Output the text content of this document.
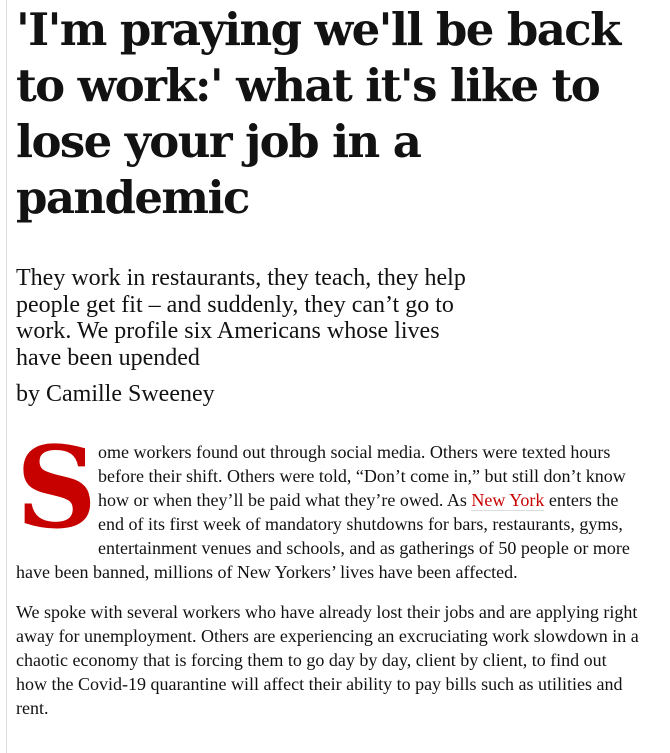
'I'm praying we'll be back to work:' what it's like to lose your job in a pandemic
They work in restaurants, they teach, they help people get fit – and suddenly, they can’t go to work. We profile six Americans whose lives have been upended
by Camille Sweeney

Some workers found out through social media. Others were texted hours before their shift. Others were told, “Don’t come in,” but still don’t know how or when they’ll be paid what they’re owed. As New York enters the end of its first week of mandatory shutdowns for bars, restaurants, gyms, entertainment venues and schools, and as gatherings of 50 people or more have been banned, millions of New Yorkers’ lives have been affected.

We spoke with several workers who have already lost their jobs and are applying right away for unemployment. Others are experiencing an excruciating work slowdown in a chaotic economy that is forcing them to go day by day, client by client, to find out how the Covid-19 quarantine will affect their ability to pay bills such as utilities and rent.
